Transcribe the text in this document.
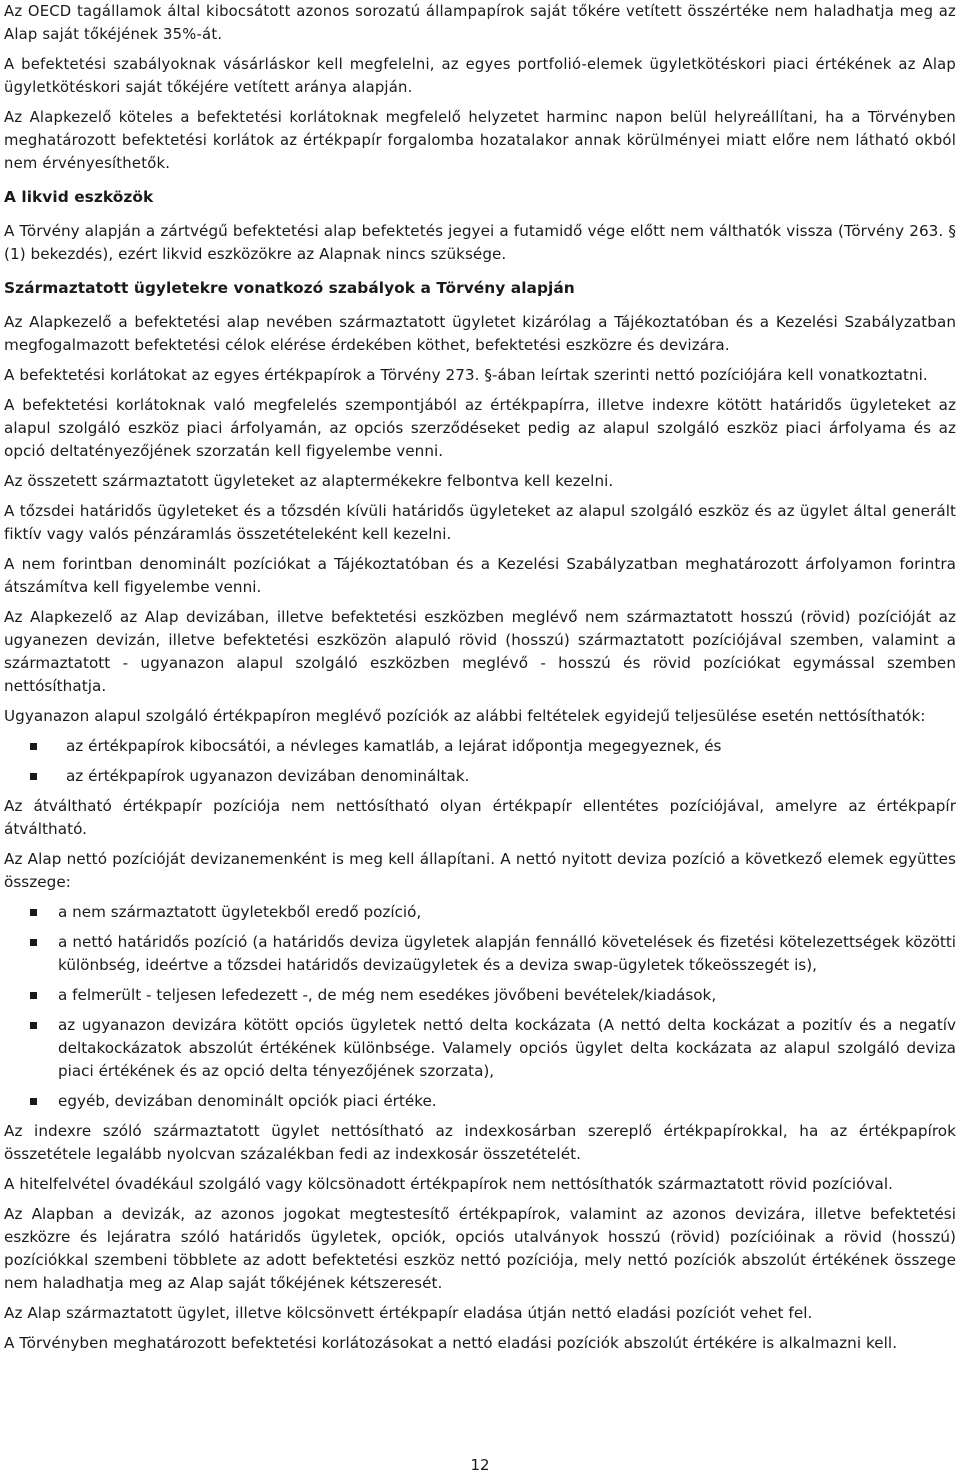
Az OECD tagállamok által kibocsátott azonos sorozatú állampapírok saját tőkére vetített összértéke nem haladhatja meg az Alap saját tőkéjének 35%-át.

A befektetési szabályoknak vásárláskor kell megfelelni, az egyes portfolió-elemek ügyletkötéskori piaci értékének az Alap ügyletkötéskori saját tőkéjére vetített aránya alapján.

Az Alapkezelő köteles a befektetési korlátoknak megfelelő helyzetet harminc napon belül helyreállítani, ha a Törvényben meghatározott befektetési korlátok az értékpapír forgalomba hozatalakor annak körülményei miatt előre nem látható okból nem érvényesíthetők.

A likvid eszközök

A Törvény alapján a zártvégű befektetési alap befektetés jegyei a futamidő vége előtt nem válthatók vissza (Törvény 263. § (1) bekezdés), ezért likvid eszközökre az Alapnak nincs szüksége.

Származtatott ügyletekre vonatkozó szabályok a Törvény alapján

Az Alapkezelő a befektetési alap nevében származtatott ügyletet kizárólag a Tájékoztatóban és a Kezelési Szabályzatban megfogalmazott befektetési célok elérése érdekében köthet, befektetési eszközre és devizára.

A befektetési korlátokat az egyes értékpapírok a Törvény 273. §-ában leírtak szerinti nettó pozíciójára kell vonatkoztatni.

A befektetési korlátoknak való megfelelés szempontjából az értékpapírra, illetve indexre kötött határidős ügyleteket az alapul szolgáló eszköz piaci árfolyamán, az opciós szerződéseket pedig az alapul szolgáló eszköz piaci árfolyama és az opció deltatényezőjének szorzatán kell figyelembe venni.

Az összetett származtatott ügyleteket az alaptermékekre felbontva kell kezelni.

A tőzsdei határidős ügyleteket és a tőzsdén kívüli határidős ügyleteket az alapul szolgáló eszköz és az ügylet által generált fiktív vagy valós pénzáramlás összetételeként kell kezelni.

A nem forintban denominált pozíciókat a Tájékoztatóban és a Kezelési Szabályzatban meghatározott árfolyamon forintra átszámítva kell figyelembe venni.

Az Alapkezelő az Alap devizában, illetve befektetési eszközben meglévő nem származtatott hosszú (rövid) pozícióját az ugyanezen devizán, illetve befektetési eszközön alapuló rövid (hosszú) származtatott pozíciójával szemben, valamint a származtatott - ugyanazon alapul szolgáló eszközben meglévő - hosszú és rövid pozíciókat egymással szemben nettósíthatja.

Ugyanazon alapul szolgáló értékpapíron meglévő pozíciók az alábbi feltételek egyidejű teljesülése esetén nettósíthatók:

az értékpapírok kibocsátói, a névleges kamatláb, a lejárat időpontja megegyeznek, és
az értékpapírok ugyanazon devizában denomináltak.

Az átváltható értékpapír pozíciója nem nettósítható olyan értékpapír ellentétes pozíciójával, amelyre az értékpapír átváltható.

Az Alap nettó pozícióját devizanemenként is meg kell állapítani. A nettó nyitott deviza pozíció a következő elemek együttes összege:

a nem származtatott ügyletekből eredő pozíció,
a nettó határidős pozíció (a határidős deviza ügyletek alapján fennálló követelések és fizetési kötelezettségek közötti különbség, ideértve a tőzsdei határidős devizaügyletek és a deviza swap-ügyletek tőkeösszegét is),
a felmerült - teljesen lefedezett -, de még nem esedékes jövőbeni bevételek/kiadások,
az ugyanazon devizára kötött opciós ügyletek nettó delta kockázata (A nettó delta kockázat a pozitív és a negatív deltakockázatok abszolút értékének különbsége. Valamely opciós ügylet delta kockázata az alapul szolgáló deviza piaci értékének és az opció delta tényezőjének szorzata),
egyéb, devizában denominált opciók piaci értéke.

Az indexre szóló származtatott ügylet nettósítható az indexkosárban szereplő értékpapírokkal, ha az értékpapírok összetétele legalább nyolcvan százalékban fedi az indexkosár összetételét.

A hitelfelvétel óvadékául szolgáló vagy kölcsönadott értékpapírok nem nettósíthatók származtatott rövid pozícióval.

Az Alapban a devizák, az azonos jogokat megtestesítő értékpapírok, valamint az azonos devizára, illetve befektetési eszközre és lejáratra szóló határidős ügyletek, opciók, opciós utalványok hosszú (rövid) pozícióinak a rövid (hosszú) pozíciókkal szembeni többlete az adott befektetési eszköz nettó pozíciója, mely nettó pozíciók abszolút értékének összege nem haladhatja meg az Alap saját tőkéjének kétszeresét.

Az Alap származtatott ügylet, illetve kölcsönvett értékpapír eladása útján nettó eladási pozíciót vehet fel.

A Törvényben meghatározott befektetési korlátozásokat a nettó eladási pozíciók abszolút értékére is alkalmazni kell.

12
